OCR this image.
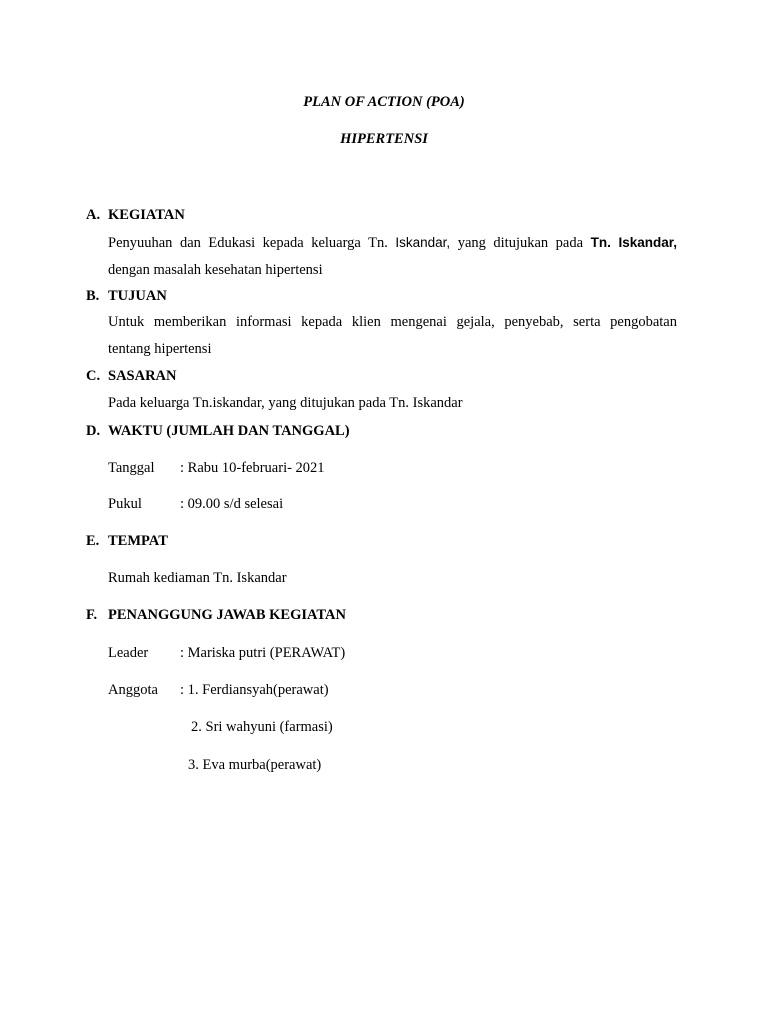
PLAN OF ACTION (POA)
HIPERTENSI
A. KEGIATAN
Penyuuhan dan Edukasi kepada keluarga Tn. Iskandar, yang ditujukan pada Tn. Iskandar,
dengan masalah kesehatan hipertensi
B. TUJUAN
Untuk memberikan informasi kepada klien mengenai gejala, penyebab, serta pengobatan
tentang hipertensi
C. SASARAN
Pada keluarga Tn.iskandar, yang ditujukan pada Tn. Iskandar
D. WAKTU (JUMLAH DAN TANGGAL)
Tanggal : Rabu 10-februari- 2021
Pukul	: 09.00 s/d selesai
E. TEMPAT
Rumah kediaman Tn. Iskandar
F. PENANGGUNG JAWAB KEGIATAN
Leader : Mariska putri (PERAWAT)
Anggota : 1. Ferdiansyah(perawat)
2. Sri wahyuni (farmasi)
3. Eva murba(perawat)
